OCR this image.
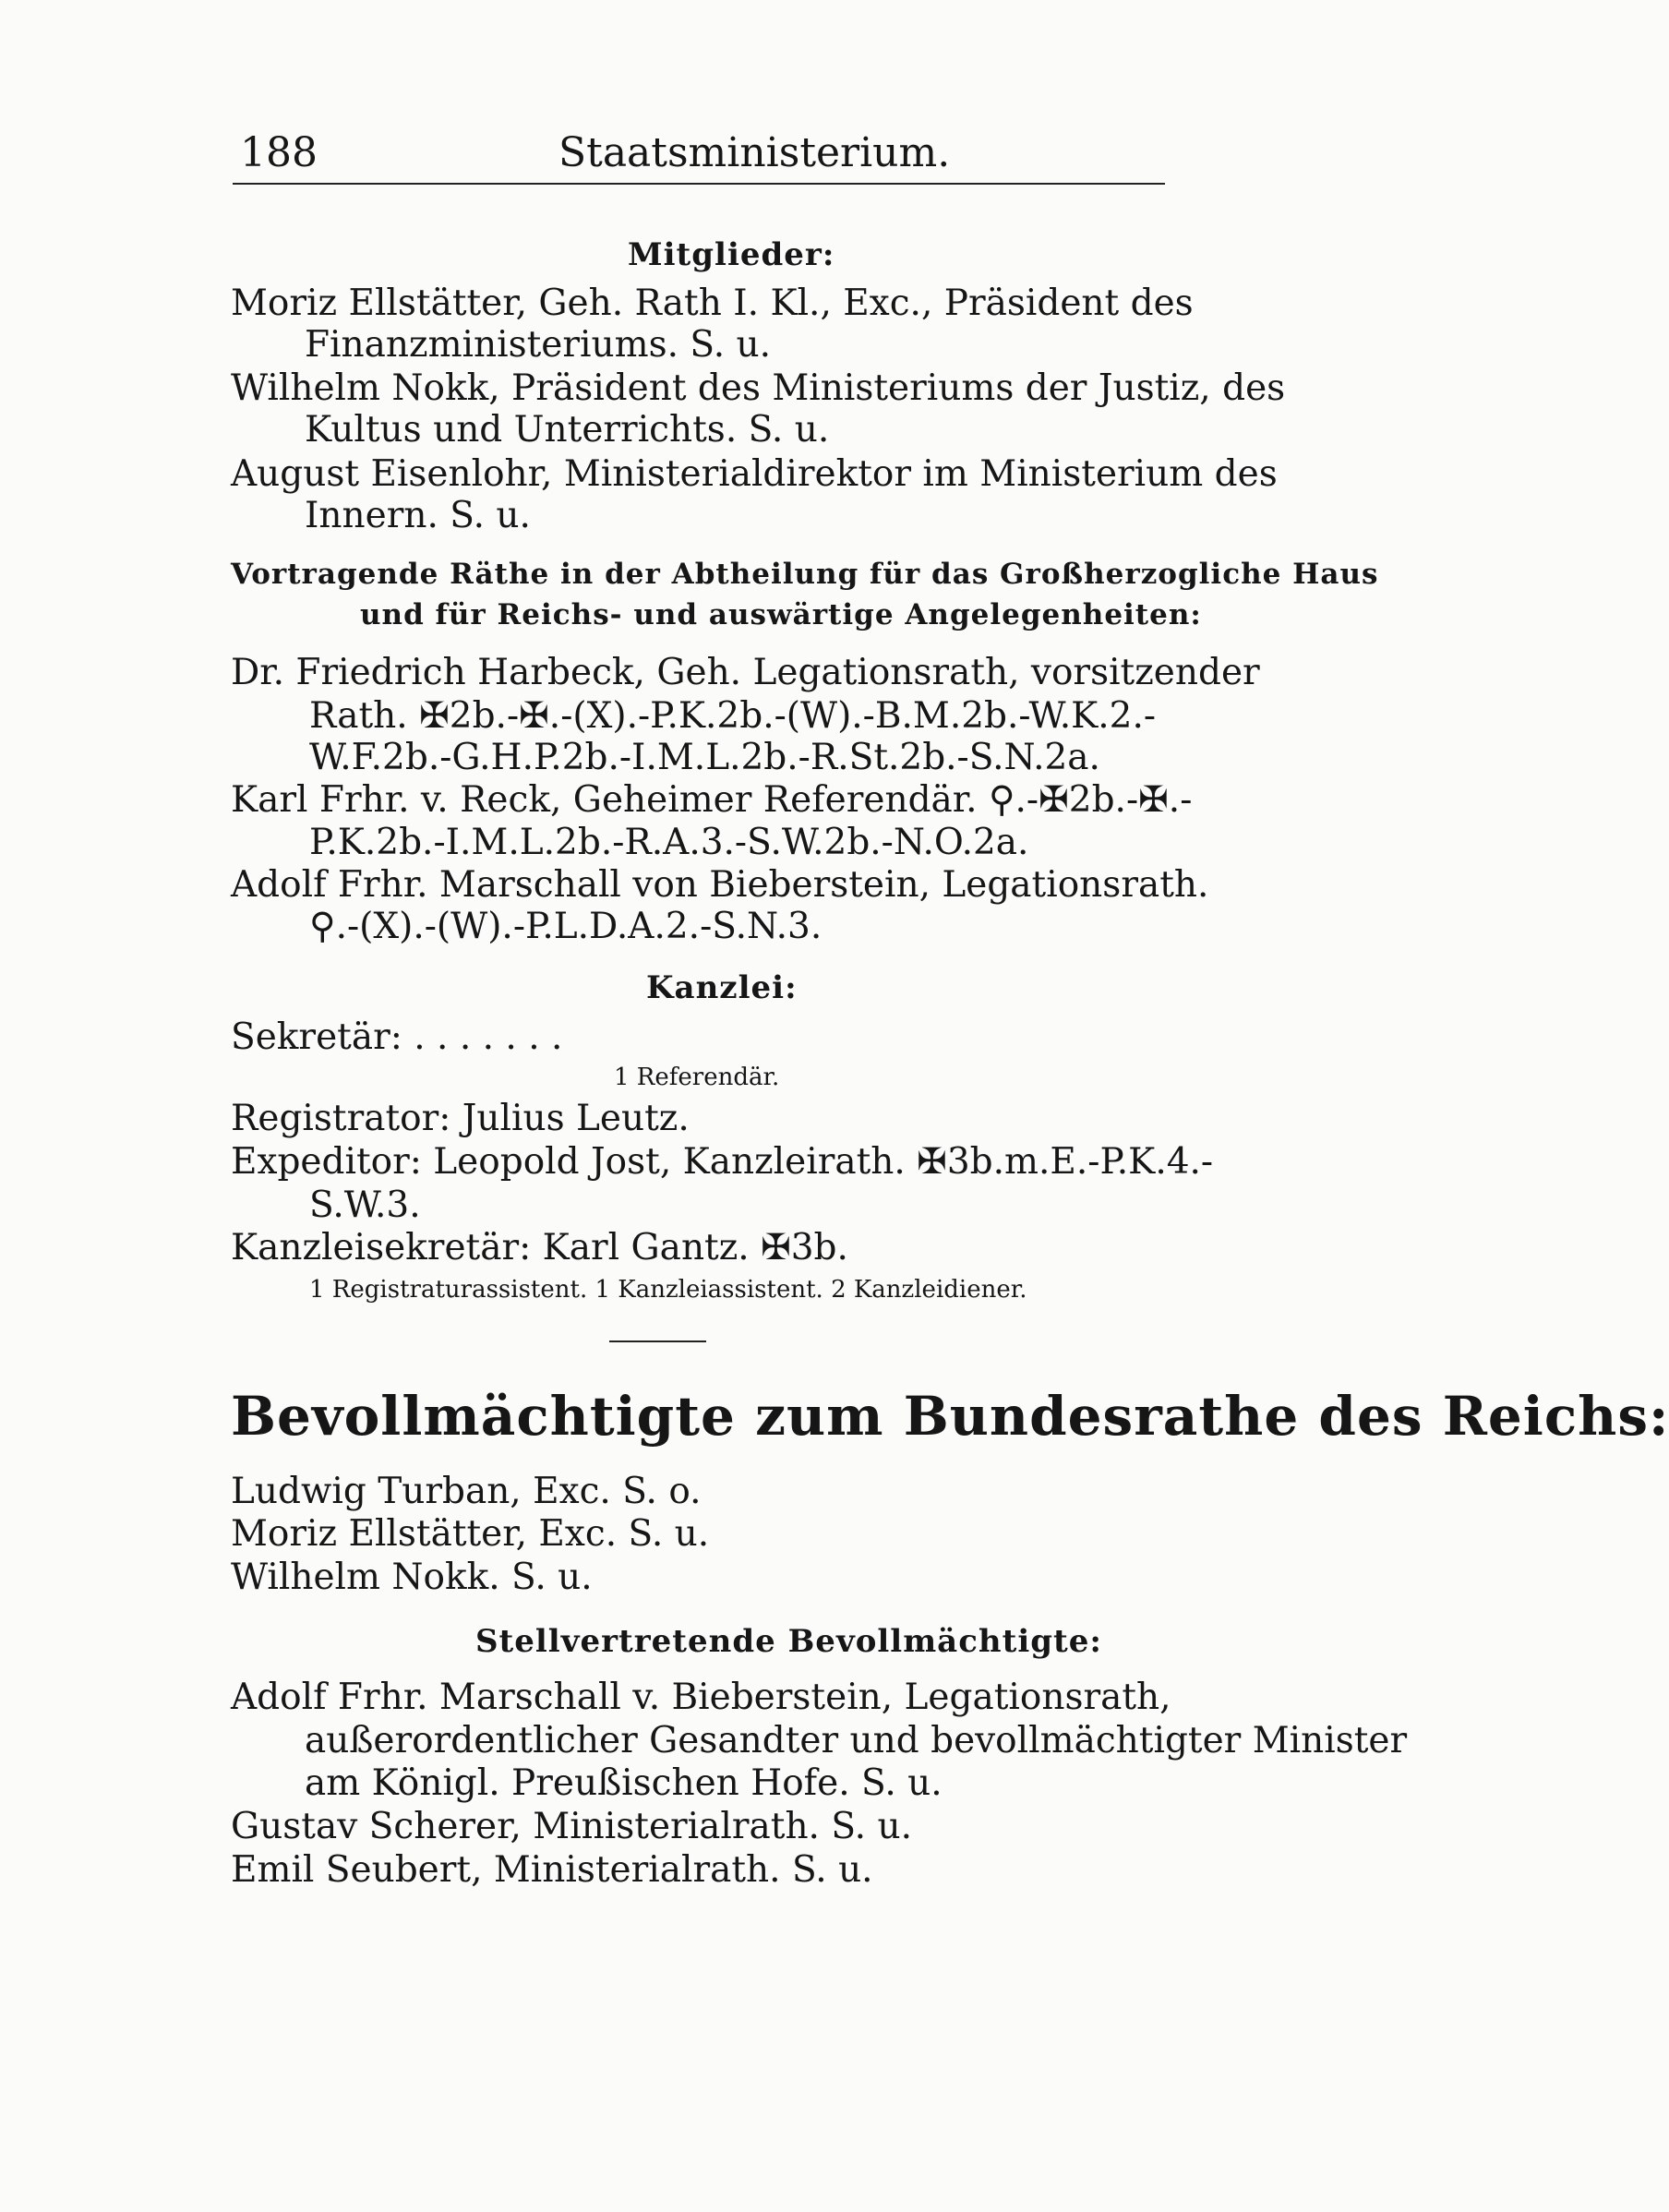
188	Staatsministerium.
Mitglieder:
Moriz Ellstätter, Geh. Rath I. Kl., Exc., Präsident des
Finanzministeriums. S. u.
Wilhelm Nokk, Präsident des Ministeriums der Justiz, des
Kultus und Unterrichts. S. u.
August Eisenlohr, Ministerialdirektor im Ministerium des
Innern. S. u.
Vortragende Räthe in der Abtheilung für das Großherzogliche Haus
und für Reichs- und auswärtige Angelegenheiten:
Dr. Friedrich Harbeck, Geh. Legationsrath, vorsitzender
Rath. ✠2b.-✠.-(X).-P.K.2b.-(W).-B.M.2b.-W.K.2.-
W.F.2b.-G.H.P.2b.-I.M.L.2b.-R.St.2b.-S.N.2a.
Karl Frhr. v. Reck, Geheimer Referendär. ⚲.-✠2b.-✠.-
P.K.2b.-I.M.L.2b.-R.A.3.-S.W.2b.-N.O.2a.
Adolf Frhr. Marschall von Bieberstein, Legationsrath.
⚲.-(X).-(W).-P.L.D.A.2.-S.N.3.
Kanzlei:
Sekretär: . . . . . . .
1 Referendär.
Registrator: Julius Leutz.
Expeditor: Leopold Jost, Kanzleirath. ✠3b.m.E.-P.K.4.-
S.W.3.
Kanzleisekretär: Karl Gantz. ✠3b.
1 Registraturassistent. 1 Kanzleiassistent. 2 Kanzleidiener.
Bevollmächtigte zum Bundesrathe des Reichs:
Ludwig Turban, Exc. S. o.
Moriz Ellstätter, Exc. S. u.
Wilhelm Nokk. S. u.
Stellvertretende Bevollmächtigte:
Adolf Frhr. Marschall v. Bieberstein, Legationsrath,
außerordentlicher Gesandter und bevollmächtigter Minister
am Königl. Preußischen Hofe. S. u.
Gustav Scherer, Ministerialrath. S. u.
Emil Seubert, Ministerialrath. S. u.
